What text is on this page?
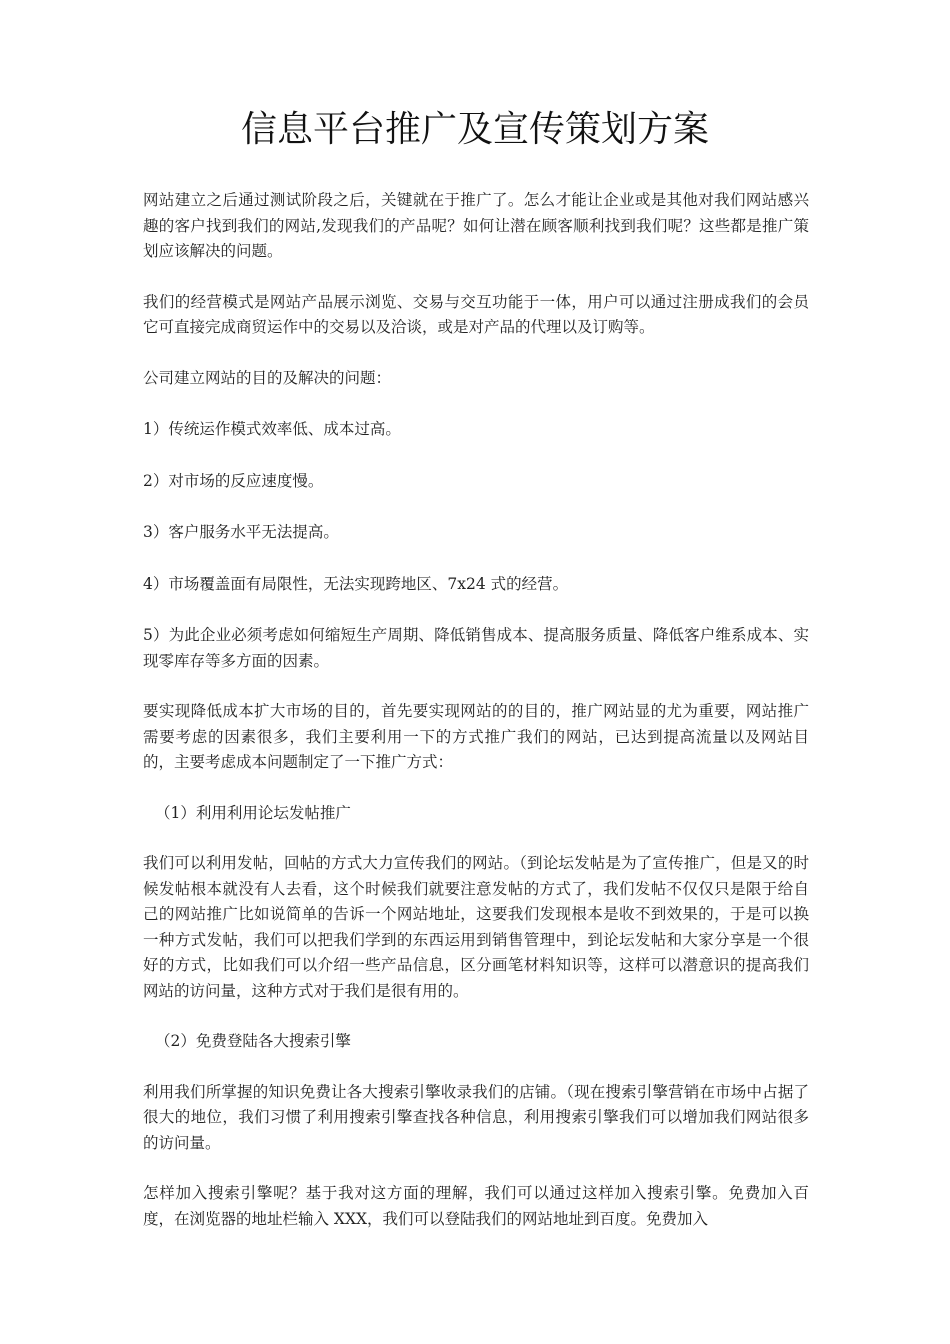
信息平台推广及宣传策划方案

网站建立之后通过测试阶段之后，关键就在于推广了。怎么才能让企业或是其他对我们网站感兴趣的客户找到我们的网站,发现我们的产品呢？如何让潜在顾客顺利找到我们呢？这些都是推广策划应该解决的问题。

我们的经营模式是网站产品展示浏览、交易与交互功能于一体，用户可以通过注册成我们的会员它可直接完成商贸运作中的交易以及洽谈，或是对产品的代理以及订购等。

公司建立网站的目的及解决的问题：

1）传统运作模式效率低、成本过高。

2）对市场的反应速度慢。

3）客户服务水平无法提高。

4）市场覆盖面有局限性，无法实现跨地区、7x24 式的经营。

5）为此企业必须考虑如何缩短生产周期、降低销售成本、提高服务质量、降低客户维系成本、实现零库存等多方面的因素。

要实现降低成本扩大市场的目的，首先要实现网站的的目的，推广网站显的尤为重要，网站推广需要考虑的因素很多，我们主要利用一下的方式推广我们的网站，已达到提高流量以及网站目的，主要考虑成本问题制定了一下推广方式：

（1）利用利用论坛发帖推广

我们可以利用发帖，回帖的方式大力宣传我们的网站。（到论坛发帖是为了宣传推广，但是又的时候发帖根本就没有人去看，这个时候我们就要注意发帖的方式了，我们发帖不仅仅只是限于给自己的网站推广比如说简单的告诉一个网站地址，这要我们发现根本是收不到效果的，于是可以换一种方式发帖，我们可以把我们学到的东西运用到销售管理中，到论坛发帖和大家分享是一个很好的方式，比如我们可以介绍一些产品信息，区分画笔材料知识等，这样可以潜意识的提高我们网站的访问量，这种方式对于我们是很有用的。

（2）免费登陆各大搜索引擎

利用我们所掌握的知识免费让各大搜索引擎收录我们的店铺。（现在搜索引擎营销在市场中占据了很大的地位，我们习惯了利用搜索引擎查找各种信息，利用搜索引擎我们可以增加我们网站很多的访问量。

怎样加入搜索引擎呢？基于我对这方面的理解，我们可以通过这样加入搜索引擎。免费加入百度，在浏览器的地址栏输入 XXX，我们可以登陆我们的网站地址到百度。免费加入
